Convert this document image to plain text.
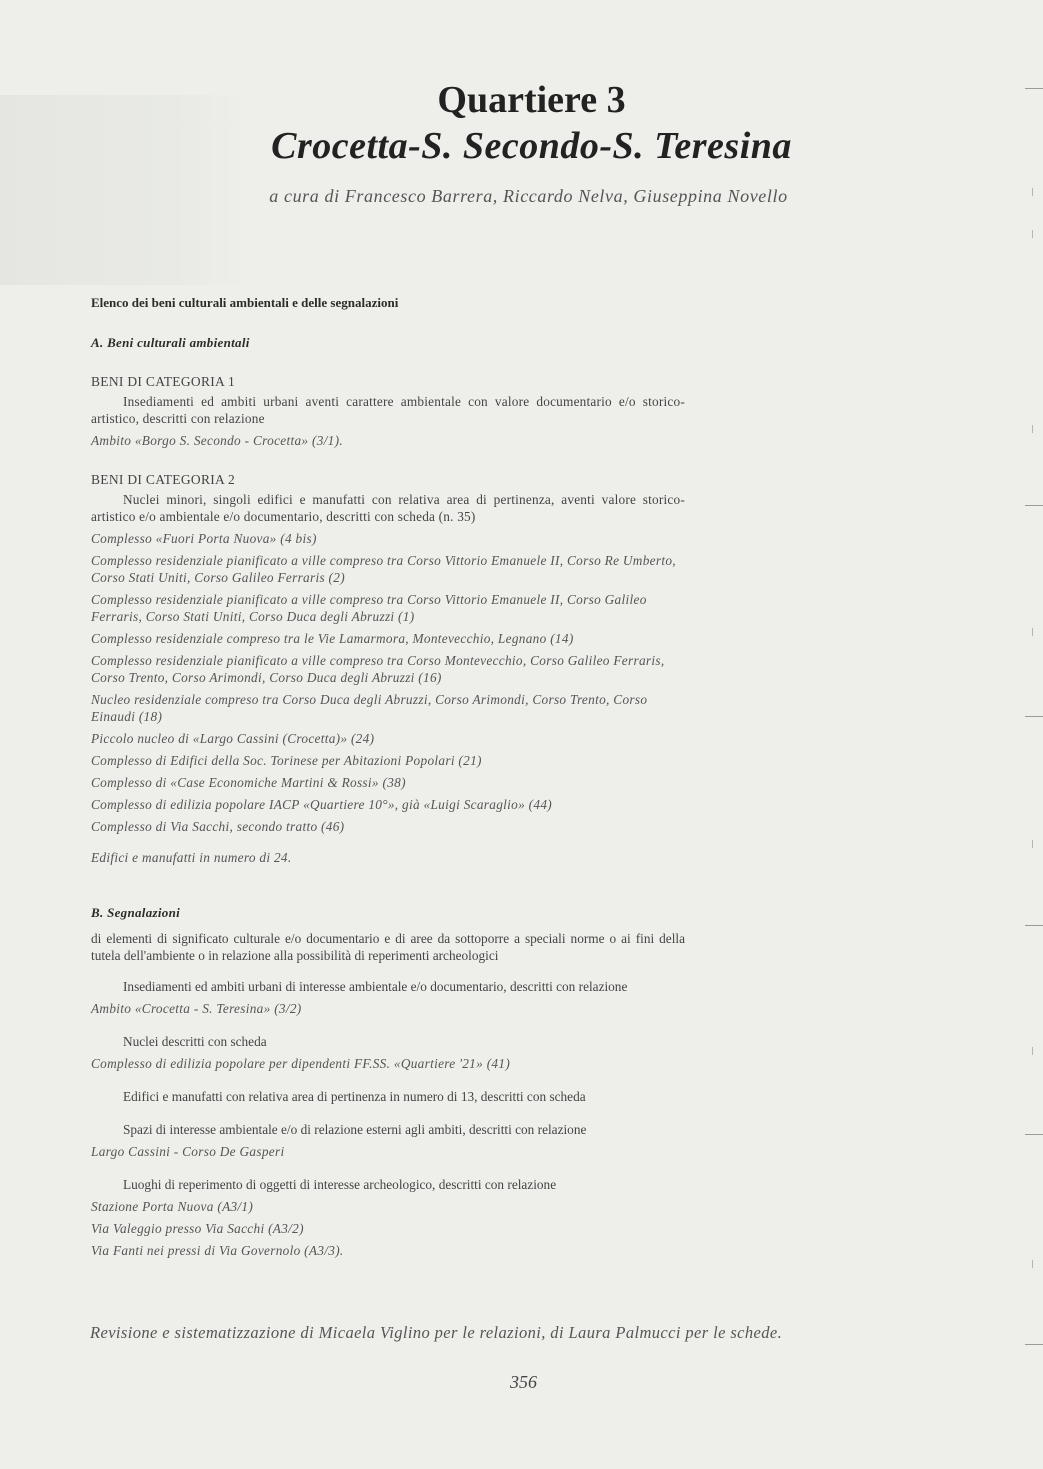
Quartiere 3
Crocetta-S. Secondo-S. Teresina
a cura di Francesco Barrera, Riccardo Nelva, Giuseppina Novello
Elenco dei beni culturali ambientali e delle segnalazioni
A. Beni culturali ambientali
BENI DI CATEGORIA 1
Insediamenti ed ambiti urbani aventi carattere ambientale con valore documentario e/o storico-artistico, descritti con relazione
Ambito «Borgo S. Secondo - Crocetta» (3/1).
BENI DI CATEGORIA 2
Nuclei minori, singoli edifici e manufatti con relativa area di pertinenza, aventi valore storico-artistico e/o ambientale e/o documentario, descritti con scheda (n. 35)
Complesso «Fuori Porta Nuova» (4 bis)
Complesso residenziale pianificato a ville compreso tra Corso Vittorio Emanuele II, Corso Re Umberto, Corso Stati Uniti, Corso Galileo Ferraris (2)
Complesso residenziale pianificato a ville compreso tra Corso Vittorio Emanuele II, Corso Galileo Ferraris, Corso Stati Uniti, Corso Duca degli Abruzzi (1)
Complesso residenziale compreso tra le Vie Lamarmora, Montevecchio, Legnano (14)
Complesso residenziale pianificato a ville compreso tra Corso Montevecchio, Corso Galileo Ferraris, Corso Trento, Corso Arimondi, Corso Duca degli Abruzzi (16)
Nucleo residenziale compreso tra Corso Duca degli Abruzzi, Corso Arimondi, Corso Trento, Corso Einaudi (18)
Piccolo nucleo di «Largo Cassini (Crocetta)» (24)
Complesso di Edifici della Soc. Torinese per Abitazioni Popolari (21)
Complesso di «Case Economiche Martini & Rossi» (38)
Complesso di edilizia popolare IACP «Quartiere 10°», già «Luigi Scaraglio» (44)
Complesso di Via Sacchi, secondo tratto (46)
Edifici e manufatti in numero di 24.
B. Segnalazioni
di elementi di significato culturale e/o documentario e di aree da sottoporre a speciali norme o ai fini della tutela dell'ambiente o in relazione alla possibilità di reperimenti archeologici
Insediamenti ed ambiti urbani di interesse ambientale e/o documentario, descritti con relazione
Ambito «Crocetta - S. Teresina» (3/2)
Nuclei descritti con scheda
Complesso di edilizia popolare per dipendenti FF.SS. «Quartiere '21» (41)
Edifici e manufatti con relativa area di pertinenza in numero di 13, descritti con scheda
Spazi di interesse ambientale e/o di relazione esterni agli ambiti, descritti con relazione
Largo Cassini - Corso De Gasperi
Luoghi di reperimento di oggetti di interesse archeologico, descritti con relazione
Stazione Porta Nuova (A3/1)
Via Valeggio presso Via Sacchi (A3/2)
Via Fanti nei pressi di Via Governolo (A3/3).
Revisione e sistematizzazione di Micaela Viglino per le relazioni, di Laura Palmucci per le schede.
356
